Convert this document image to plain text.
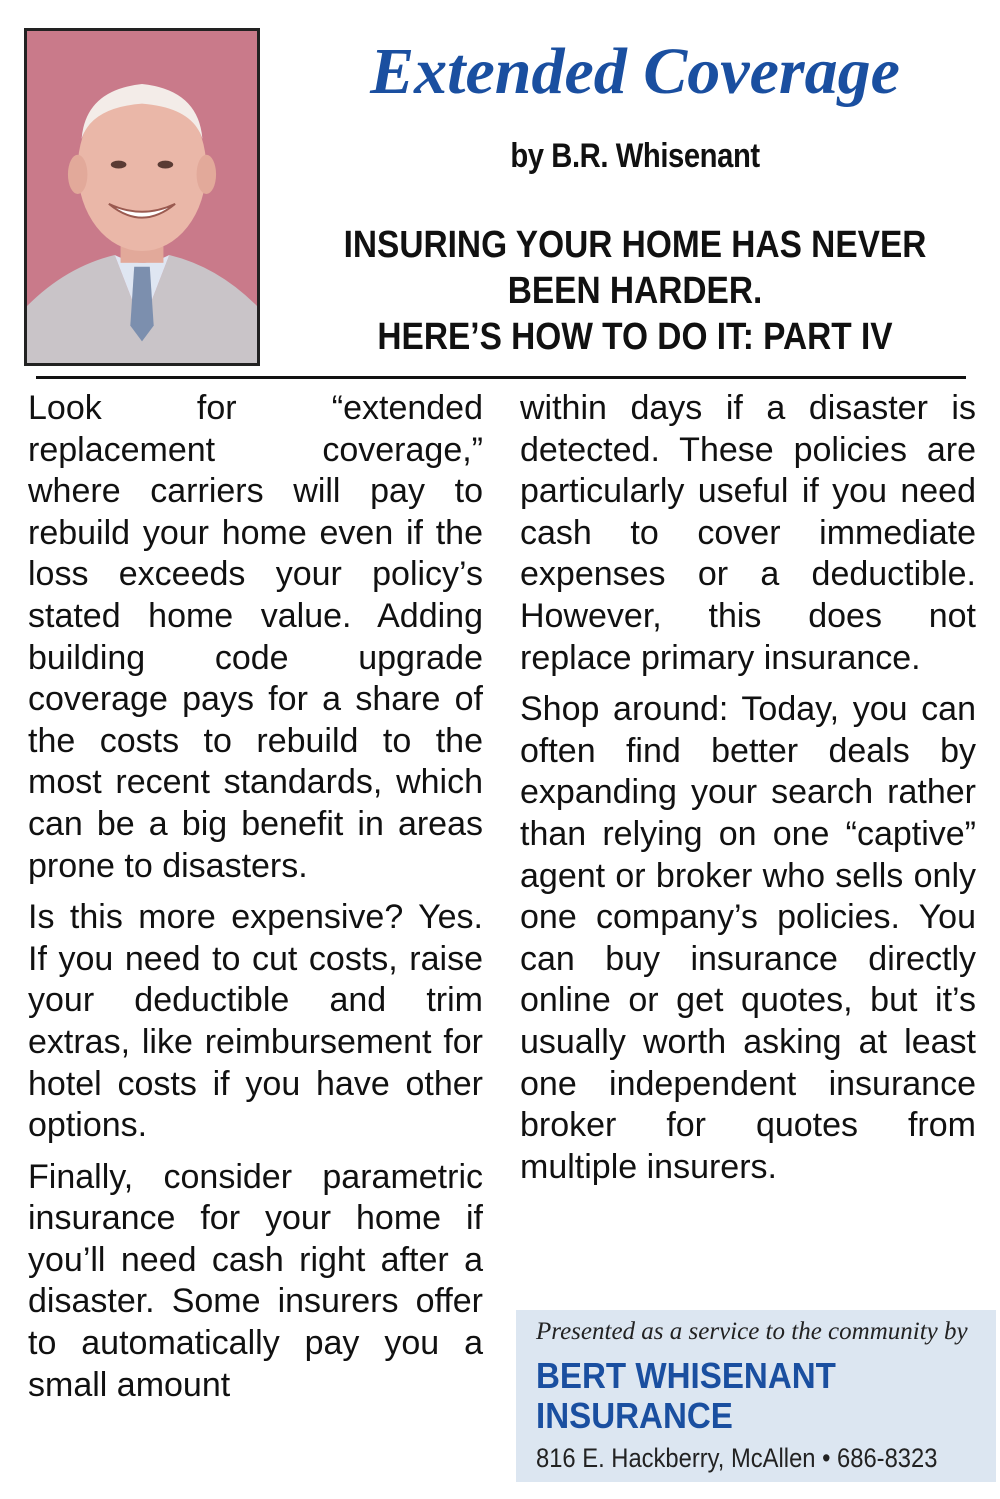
Extended Coverage
by B.R. Whisenant
INSURING YOUR HOME HAS NEVER
BEEN HARDER.
HERE’S HOW TO DO IT: PART IV

Look for “extended replacement coverage,” where carriers will pay to rebuild your home even if the loss exceeds your policy’s stated home value. Adding building code upgrade coverage pays for a share of the costs to rebuild to the most recent standards, which can be a big benefit in areas prone to disasters.

Is this more expensive? Yes. If you need to cut costs, raise your deductible and trim extras, like reimbursement for hotel costs if you have other options.

Finally, consider parametric insurance for your home if you’ll need cash right after a disaster. Some insurers offer to automatically pay you a small amount

within days if a disaster is detected. These policies are particularly useful if you need cash to cover immediate expenses or a deductible. However, this does not replace primary insurance.

Shop around: Today, you can often find better deals by expanding your search rather than relying on one “captive” agent or broker who sells only one company’s policies. You can buy insurance directly online or get quotes, but it’s usually worth asking at least one independent insurance broker for quotes from multiple insurers.

Presented as a service to the community by
BERT WHISENANT
INSURANCE
816 E. Hackberry, McAllen • 686-8323
